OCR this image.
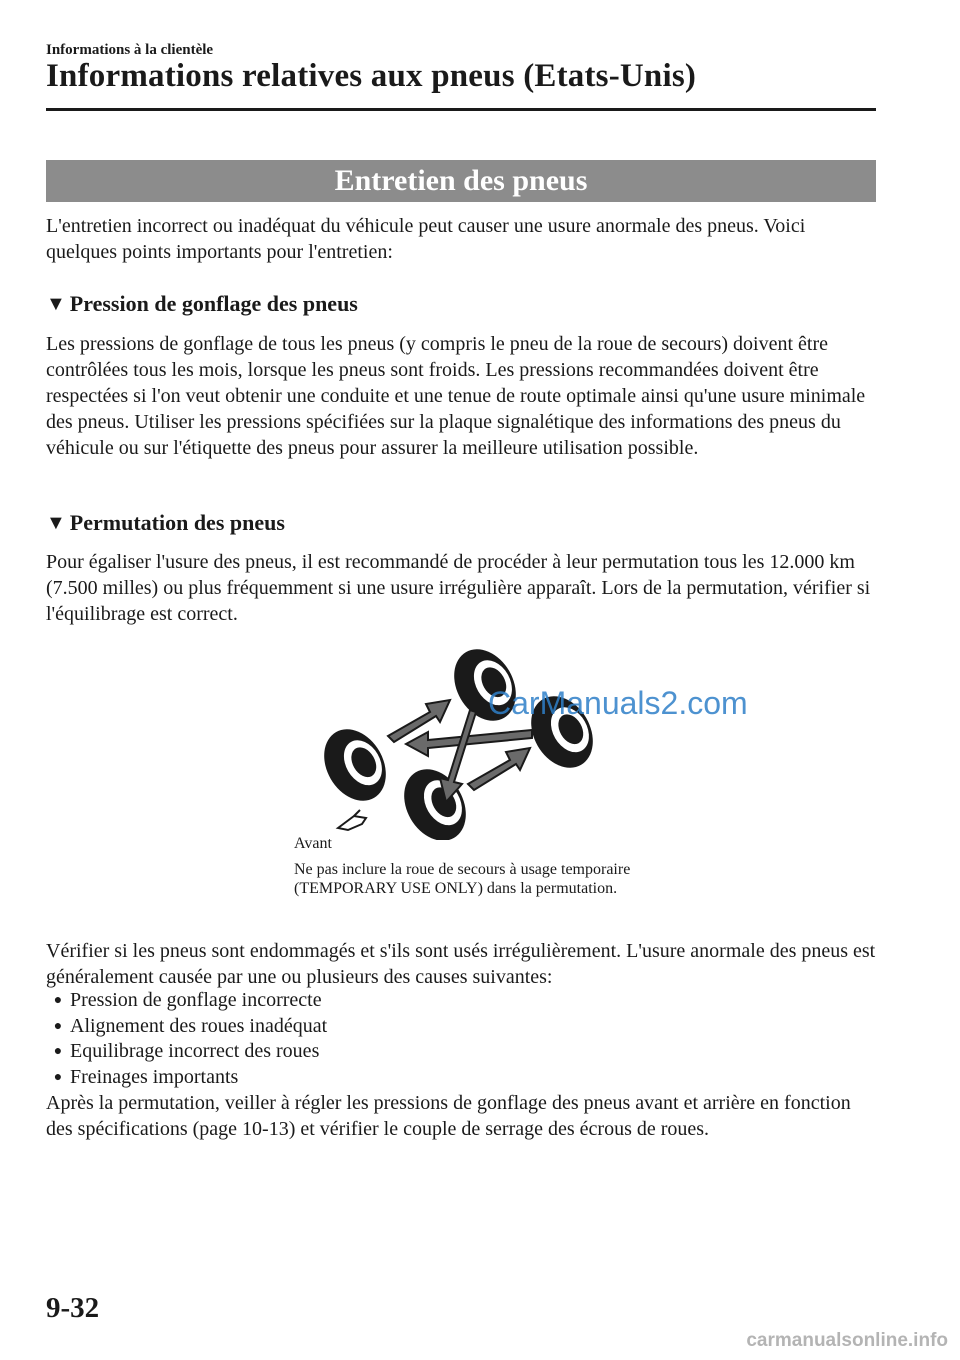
Informations à la clientèle
Informations relatives aux pneus (Etats-Unis)
Entretien des pneus

L'entretien incorrect ou inadéquat du véhicule peut causer une usure anormale des pneus. Voici quelques points importants pour l'entretien:

▼ Pression de gonflage des pneus

Les pressions de gonflage de tous les pneus (y compris le pneu de la roue de secours) doivent être contrôlées tous les mois, lorsque les pneus sont froids. Les pressions recommandées doivent être respectées si l'on veut obtenir une conduite et une tenue de route optimale ainsi qu'une usure minimale des pneus. Utiliser les pressions spécifiées sur la plaque signalétique des informations des pneus du véhicule ou sur l'étiquette des pneus pour assurer la meilleure utilisation possible.

▼ Permutation des pneus

Pour égaliser l'usure des pneus, il est recommandé de procéder à leur permutation tous les 12.000 km (7.500 milles) ou plus fréquemment si une usure irrégulière apparaît. Lors de la permutation, vérifier si l'équilibrage est correct.

Avant
Ne pas inclure la roue de secours à usage temporaire (TEMPORARY USE ONLY) dans la permutation.

Vérifier si les pneus sont endommagés et s'ils sont usés irrégulièrement. L'usure anormale des pneus est généralement causée par une ou plusieurs des causes suivantes:

● Pression de gonflage incorrecte
● Alignement des roues inadéquat
● Equilibrage incorrect des roues
● Freinages importants

Après la permutation, veiller à régler les pressions de gonflage des pneus avant et arrière en fonction des spécifications (page 10-13) et vérifier le couple de serrage des écrous de roues.

9-32
CarManuals2.com
carmanualsonline.info
